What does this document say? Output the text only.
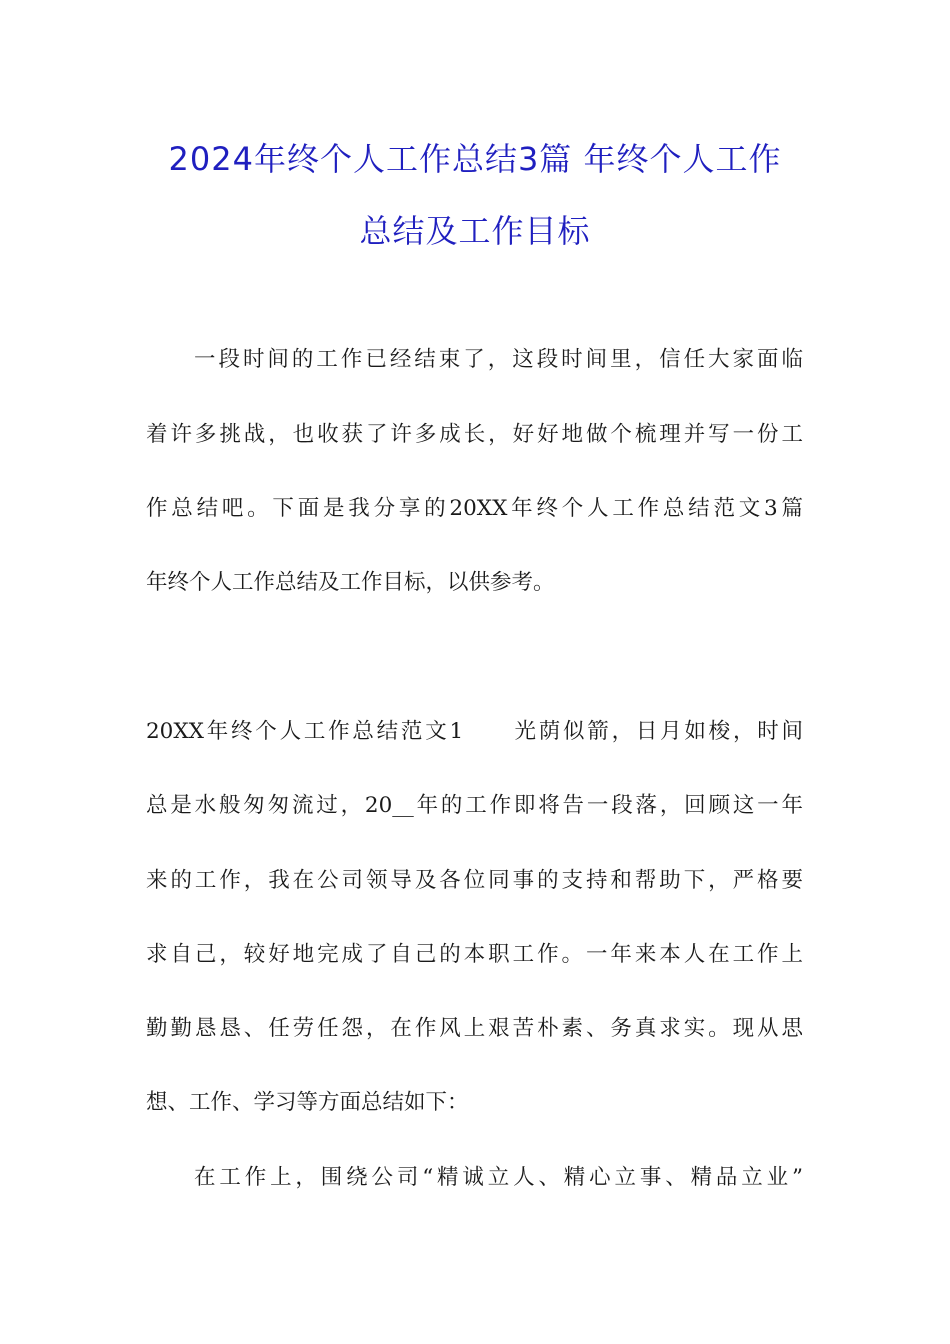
2024年终个人工作总结3篇 年终个人工作
总结及工作目标
一段时间的工作已经结束了，这段时间里，信任大家面临
着许多挑战，也收获了许多成长，好好地做个梳理并写一份工
作总结吧。下面是我分享的20XX年终个人工作总结范文3篇
年终个人工作总结及工作目标，以供参考。
20XX年终个人工作总结范文1　　光荫似箭，日月如梭，时间
总是水般匆匆流过，20__年的工作即将告一段落，回顾这一年
来的工作，我在公司领导及各位同事的支持和帮助下，严格要
求自己，较好地完成了自己的本职工作。一年来本人在工作上
勤勤恳恳、任劳任怨，在作风上艰苦朴素、务真求实。现从思
想、工作、学习等方面总结如下：
在工作上，围绕公司“精诚立人、精心立事、精品立业”
